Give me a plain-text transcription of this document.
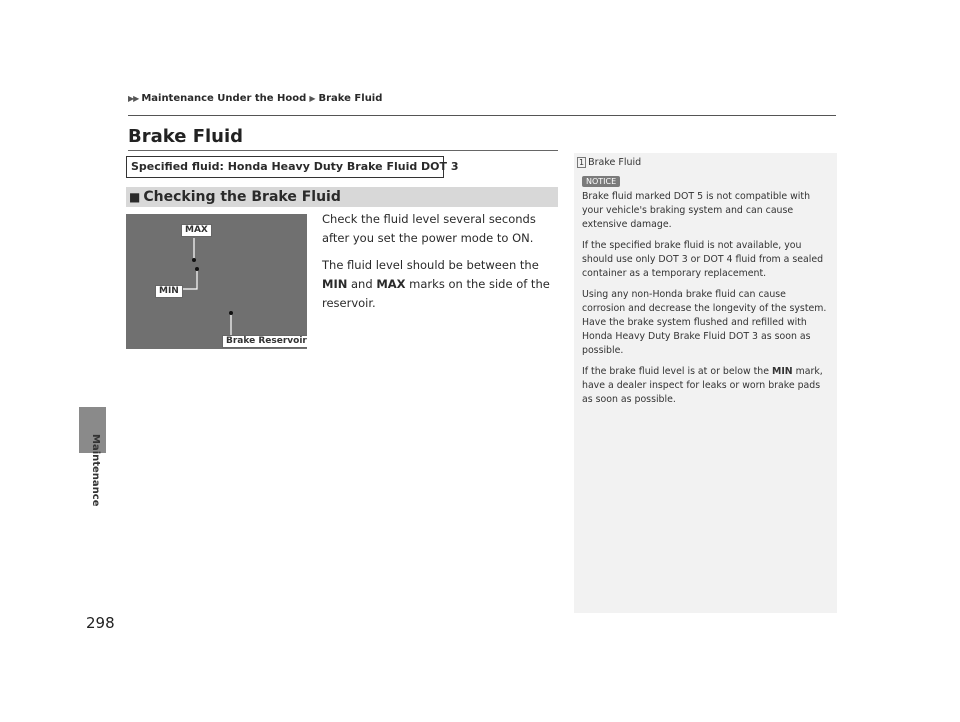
▶▶ Maintenance Under the Hood ▶ Brake Fluid
Maintenance
Brake Fluid
Specified fluid: Honda Heavy Duty Brake Fluid DOT 3
■ Checking the Brake Fluid
MAX
MIN
Brake Reservoir

Check the fluid level several seconds after you set the power mode to ON.

The fluid level should be between the MIN and MAX marks on the side of the reservoir.

1 Brake Fluid
NOTICE

Brake fluid marked DOT 5 is not compatible with your vehicle's braking system and can cause extensive damage.

If the specified brake fluid is not available, you should use only DOT 3 or DOT 4 fluid from a sealed container as a temporary replacement.

Using any non-Honda brake fluid can cause corrosion and decrease the longevity of the system. Have the brake system flushed and refilled with Honda Heavy Duty Brake Fluid DOT 3 as soon as possible.

If the brake fluid level is at or below the MIN mark, have a dealer inspect for leaks or worn brake pads as soon as possible.

298
